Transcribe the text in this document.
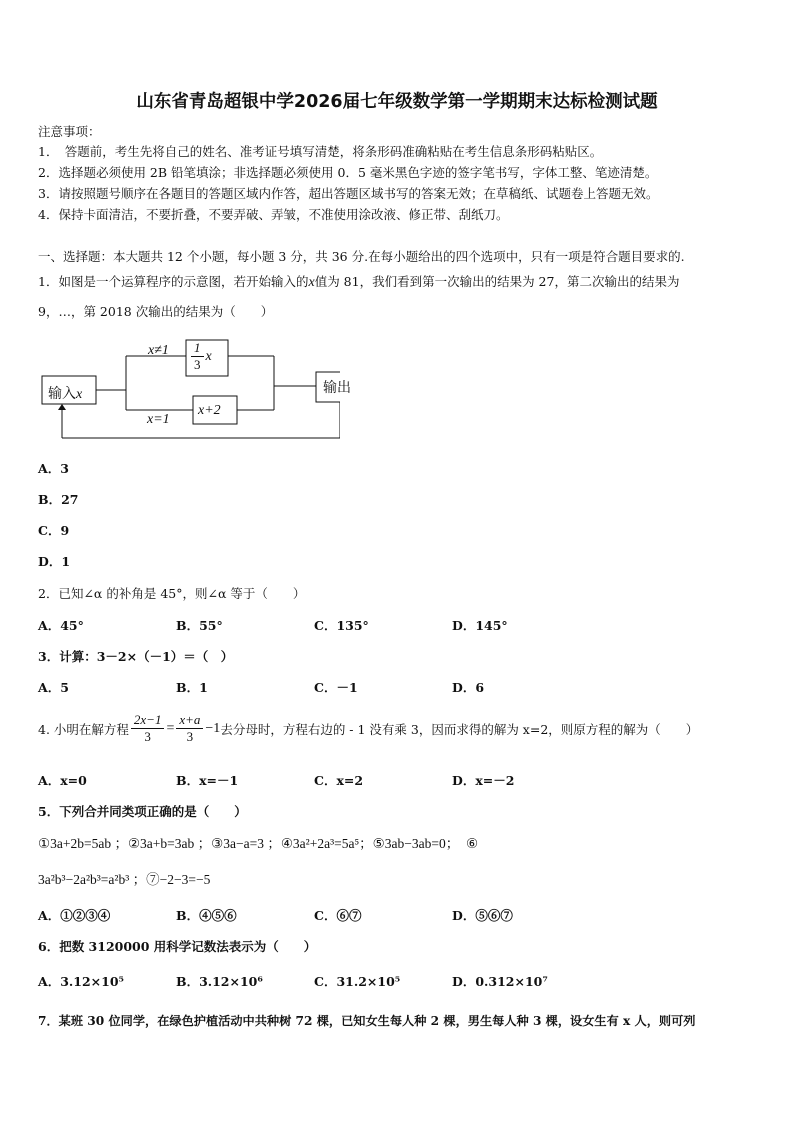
山东省青岛超银中学2026届七年级数学第一学期期末达标检测试题
注意事项：
1．　答题前，考生先将自己的姓名、准考证号填写清楚，将条形码准确粘贴在考生信息条形码粘贴区。
2．选择题必须使用 2B 铅笔填涂；非选择题必须使用 0．5 毫米黑色字迹的签字笔书写，字体工整、笔迹清楚。
3．请按照题号顺序在各题目的答题区域内作答，超出答题区域书写的答案无效；在草稿纸、试题卷上答题无效。
4．保持卡面清洁，不要折叠，不要弄破、弄皱，不准使用涂改液、修正带、刮纸刀。
一、选择题：本大题共 12 个小题，每小题 3 分，共 36 分.在每小题给出的四个选项中，只有一项是符合题目要求的.
1．如图是一个运算程序的示意图，若开始输入的x值为 81，我们看到第一次输出的结果为 27，第二次输出的结果为
9，…，第 2018 次输出的结果为（　　）
输入x
$x\ne 1 \frac{1}{3}$ x
x=1
x+2
输出
A．3
B．27
C．9
D．1
2．已知∠α 的补角是 45°，则∠α 等于（　　）
A．45°	B．55°	C．135°	D．145°
3．计算：3－2×（－1）＝（　）
A．5	B．1	C．－1	D．6
4. 小明在解方程 $\frac{2x-1}{3} = \frac{x+a}{3} -1$ 去分母时，方程右边的 - 1 没有乘 3，因而求得的解为 x=2，则原方程的解为（　　）
A．x=0	B．x=－1	C．x=2	D．x=－2
5．下列合并同类项正确的是（　　）
①3a+2b=5ab ；②3a+b=3ab ；③3a−a=3 ；④3a²+2a³=5a⁵；⑤3ab−3ab=0；　⑥
3a²b³−2a²b³=a²b³ ；⑦−2−3=−5
A．①②③④	B．④⑤⑥	C．⑥⑦	D．⑤⑥⑦
6．把数 3120000 用科学记数法表示为（　　）
A．3.12×10⁵	B．3.12×10⁶	C．31.2×10⁵	D．0.312×10⁷
7．某班 30 位同学，在绿色护植活动中共种树 72 棵，已知女生每人种 2 棵，男生每人种 3 棵，设女生有 x 人，则可列
